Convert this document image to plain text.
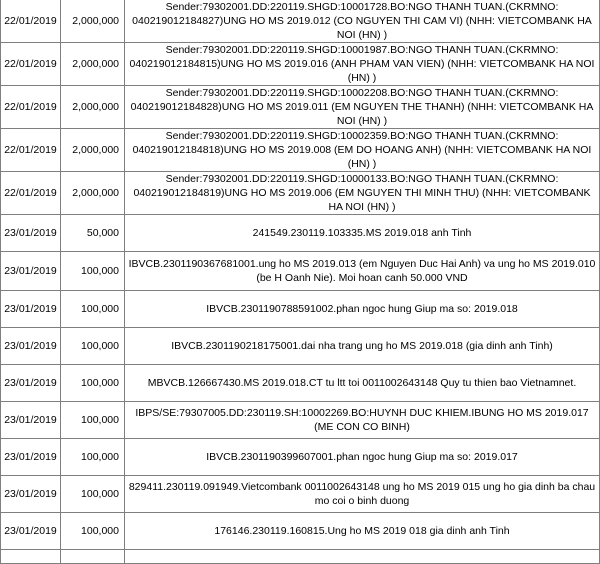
22/01/2019	2,000,000	Sender:79302001.DD:220119.SHGD:10001728.BO:NGO THANH TUAN.(CKRMNO: 040219012184827)UNG HO MS 2019.012 (CO NGUYEN THI CAM VI) (NHH: VIETCOMBANK HA NOI (HN) )
22/01/2019	2,000,000	Sender:79302001.DD:220119.SHGD:10001987.BO:NGO THANH TUAN.(CKRMNO: 040219012184815)UNG HO MS 2019.016 (ANH PHAM VAN VIEN) (NHH: VIETCOMBANK HA NOI (HN) )
22/01/2019	2,000,000	Sender:79302001.DD:220119.SHGD:10002208.BO:NGO THANH TUAN.(CKRMNO: 040219012184828)UNG HO MS 2019.011 (EM NGUYEN THE THANH) (NHH: VIETCOMBANK HA NOI (HN) )
22/01/2019	2,000,000	Sender:79302001.DD:220119.SHGD:10002359.BO:NGO THANH TUAN.(CKRMNO: 040219012184818)UNG HO MS 2019.008 (EM DO HOANG ANH) (NHH: VIETCOMBANK HA NOI (HN) )
22/01/2019	2,000,000	Sender:79302001.DD:220119.SHGD:10000133.BO:NGO THANH TUAN.(CKRMNO: 040219012184819)UNG HO MS 2019.006 (EM NGUYEN THI MINH THU) (NHH: VIETCOMBANK HA NOI (HN) )
23/01/2019	50,000	241549.230119.103335.MS 2019.018 anh Tinh
23/01/2019	100,000	IBVCB.2301190367681001.ung ho MS 2019.013 (em Nguyen Duc Hai Anh) va ung ho MS 2019.010 (be H Oanh Nie). Moi hoan canh 50.000 VND
23/01/2019	100,000	IBVCB.2301190788591002.phan ngoc hung Giup ma so: 2019.018
23/01/2019	100,000	IBVCB.2301190218175001.dai nha trang ung ho MS 2019.018 (gia dinh anh Tinh)
23/01/2019	100,000	MBVCB.126667430.MS 2019.018.CT tu ltt toi 0011002643148 Quy tu thien bao Vietnamnet.
23/01/2019	100,000	IBPS/SE:79307005.DD:230119.SH:10002269.BO:HUYNH DUC KHIEM.IBUNG HO MS 2019.017 (ME CON CO BINH)
23/01/2019	100,000	IBVCB.2301190399607001.phan ngoc hung Giup ma so: 2019.017
23/01/2019	100,000	829411.230119.091949.Vietcombank 0011002643148 ung ho MS 2019 015 ung ho gia dinh ba chau mo coi o binh duong
23/01/2019	100,000	176146.230119.160815.Ung ho MS 2019 018 gia dinh anh Tinh
